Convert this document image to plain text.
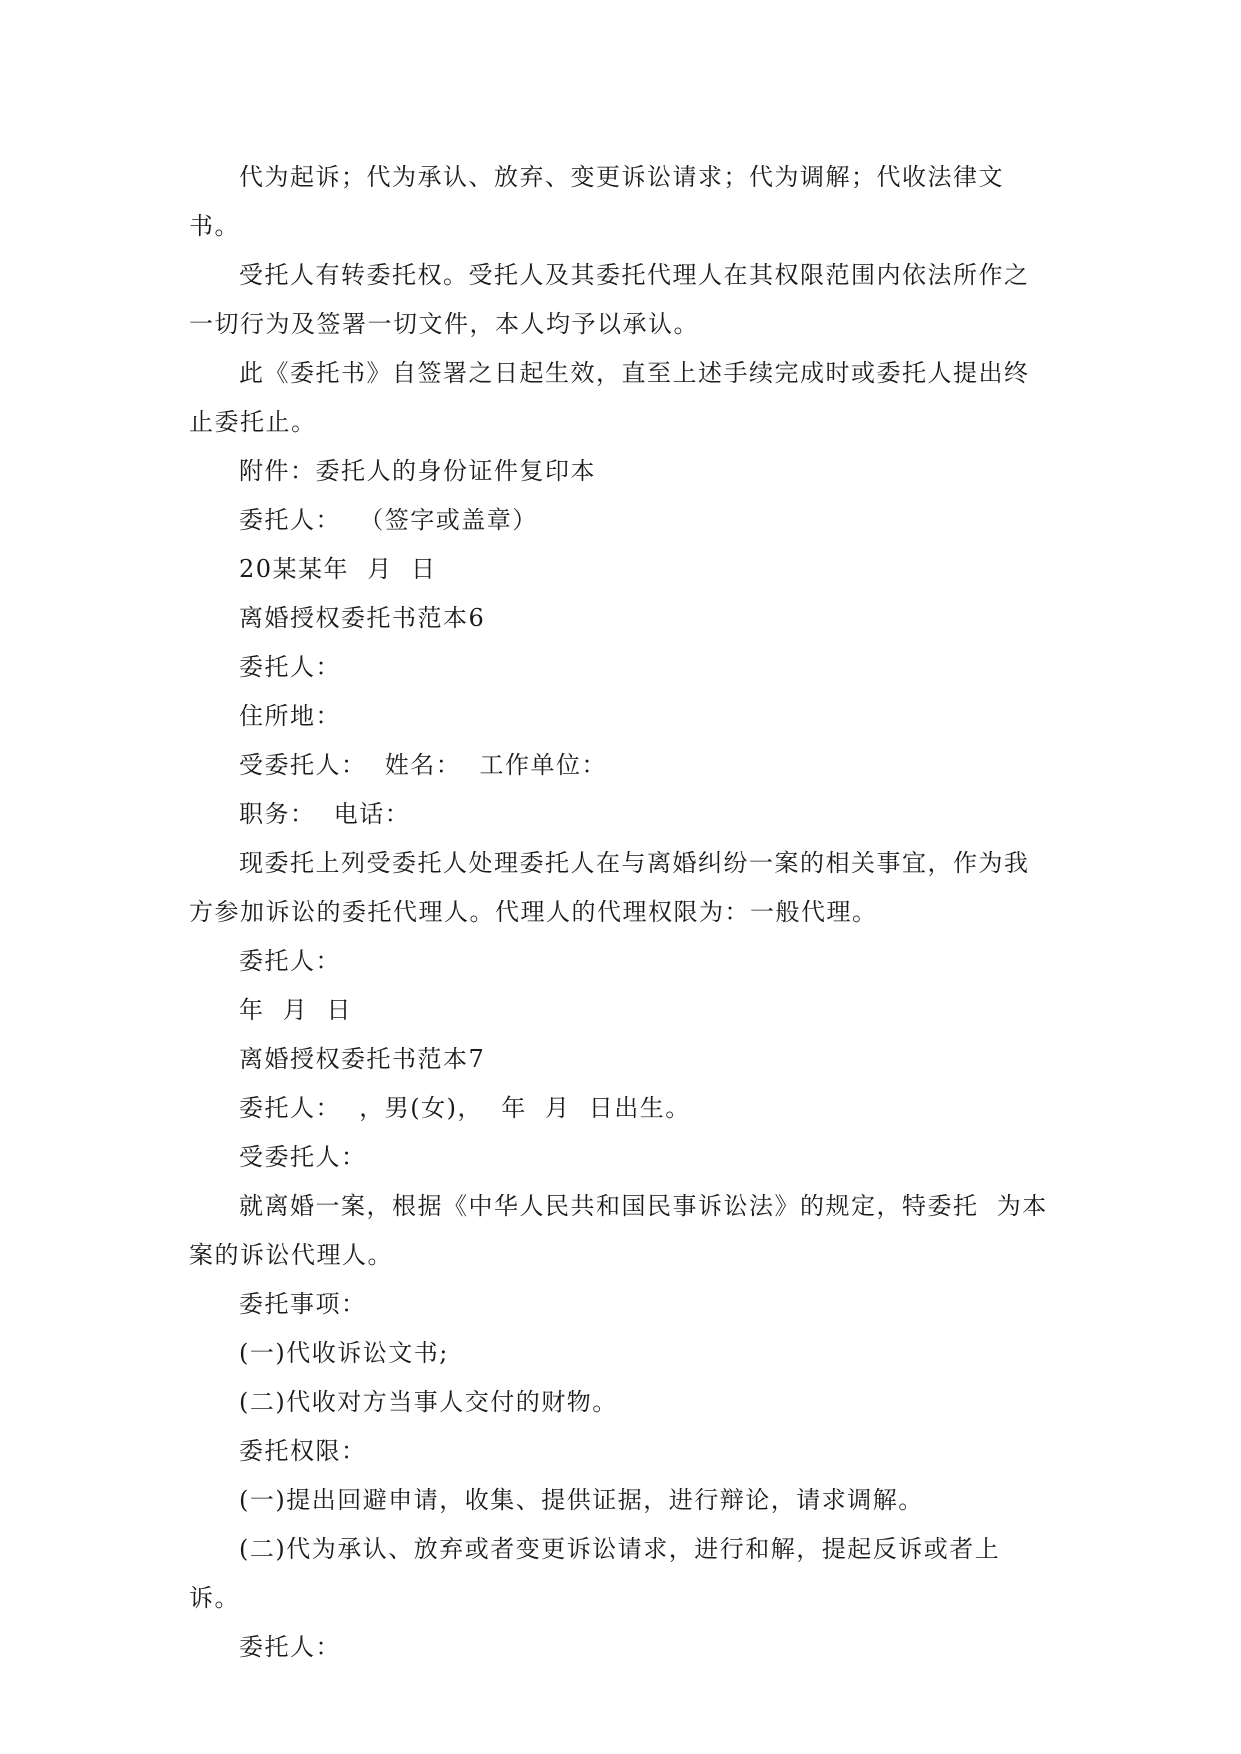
代为起诉；代为承认、放弃、变更诉讼请求；代为调解；代收法律文书。

受托人有转委托权。受托人及其委托代理人在其权限范围内依法所作之一切行为及签署一切文件，本人均予以承认。

此《委托书》自签署之日起生效，直至上述手续完成时或委托人提出终止委托止。

附件：委托人的身份证件复印本

委托人：  （签字或盖章）

20某某年  月  日

离婚授权委托书范本6

委托人：

住所地：

受委托人：  姓名：  工作单位：

职务：  电话：

现委托上列受委托人处理委托人在与离婚纠纷一案的相关事宜，作为我方参加诉讼的委托代理人。代理人的代理权限为：一般代理。

委托人：

年  月  日

离婚授权委托书范本7

委托人：  ，男(女)，  年  月  日出生。

受委托人：

就离婚一案，根据《中华人民共和国民事诉讼法》的规定，特委托  为本案的诉讼代理人。

委托事项：

(一)代收诉讼文书;

(二)代收对方当事人交付的财物。

委托权限：

(一)提出回避申请，收集、提供证据，进行辩论，请求调解。

(二)代为承认、放弃或者变更诉讼请求，进行和解，提起反诉或者上诉。

委托人：
